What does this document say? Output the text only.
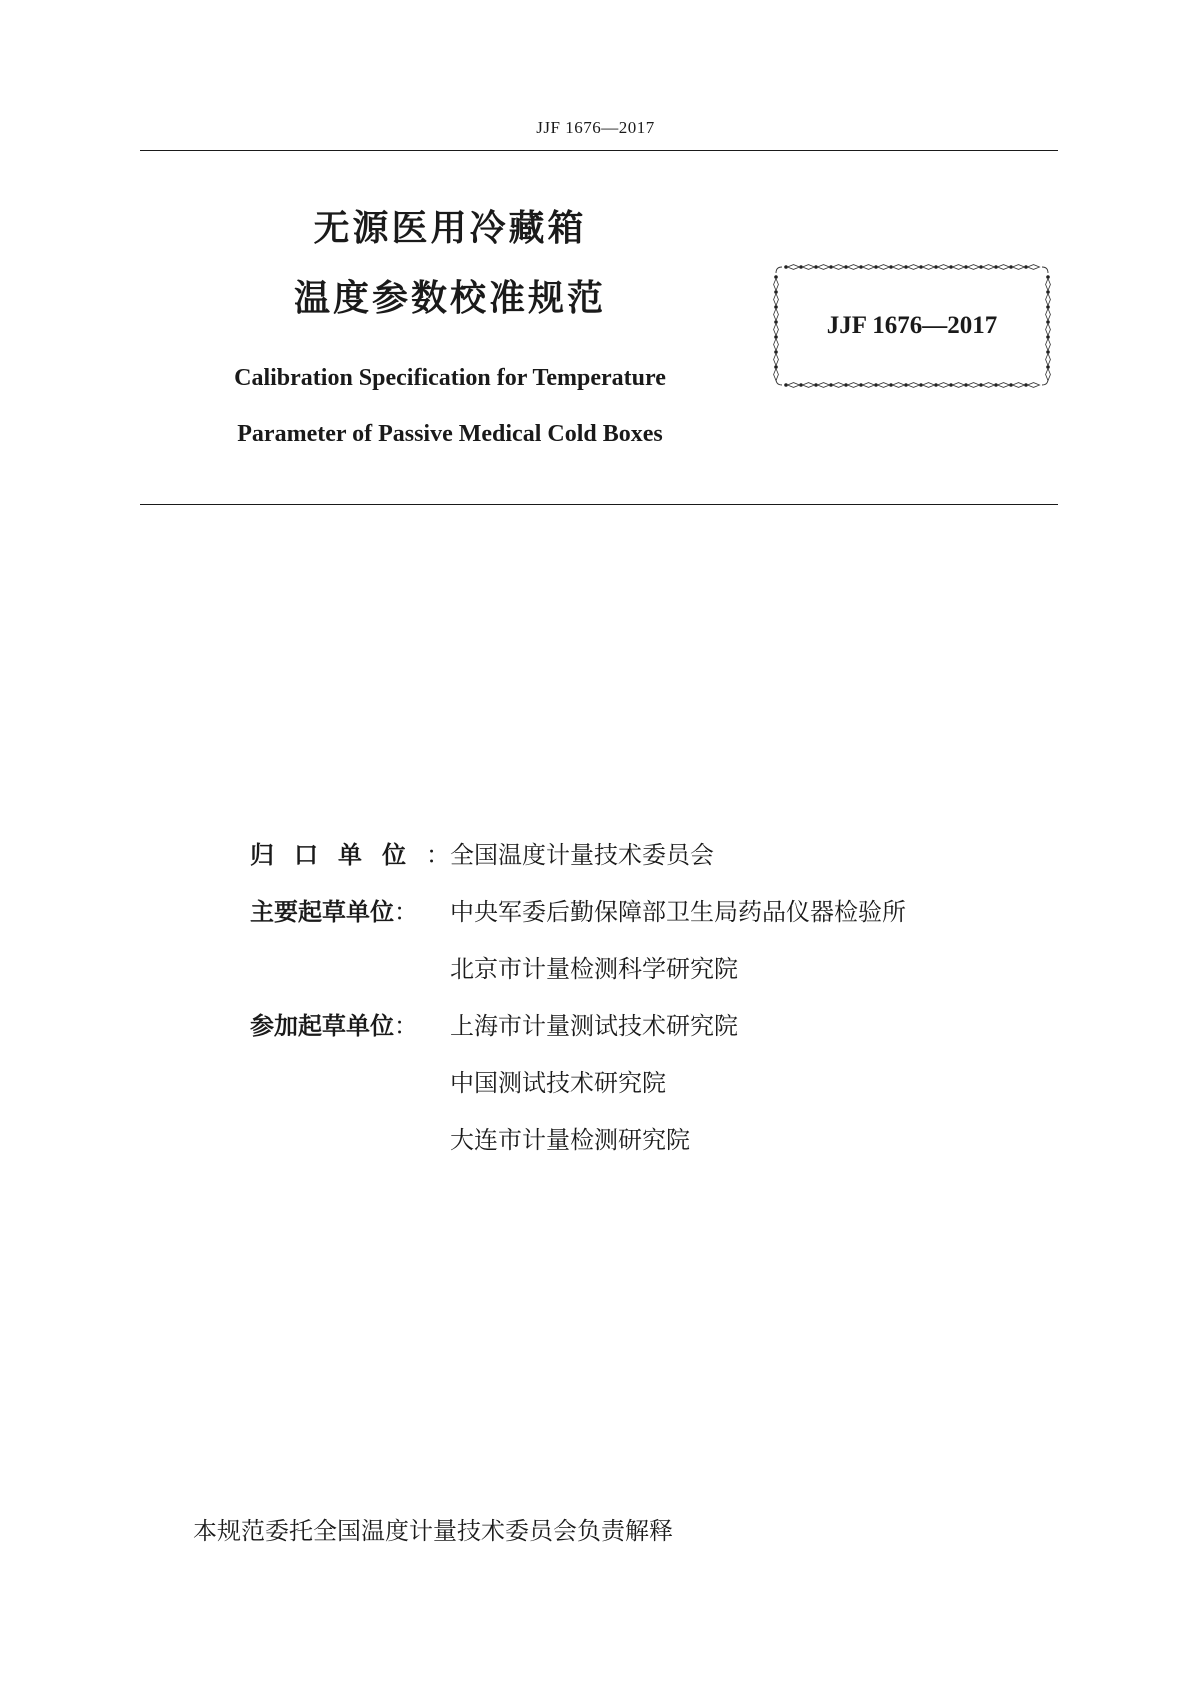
JJF 1676—2017

无源医用冷藏箱

温度参数校准规范

Calibration Specification for Temperature

Parameter of Passive Medical Cold Boxes

JJF 1676—2017
归口单位： 全国温度计量技术委员会
主要起草单位：	中央军委后勤保障部卫生局药品仪器检验所
北京市计量检测科学研究院
参加起草单位：	上海市计量测试技术研究院
中国测试技术研究院
大连市计量检测研究院
本规范委托全国温度计量技术委员会负责解释
